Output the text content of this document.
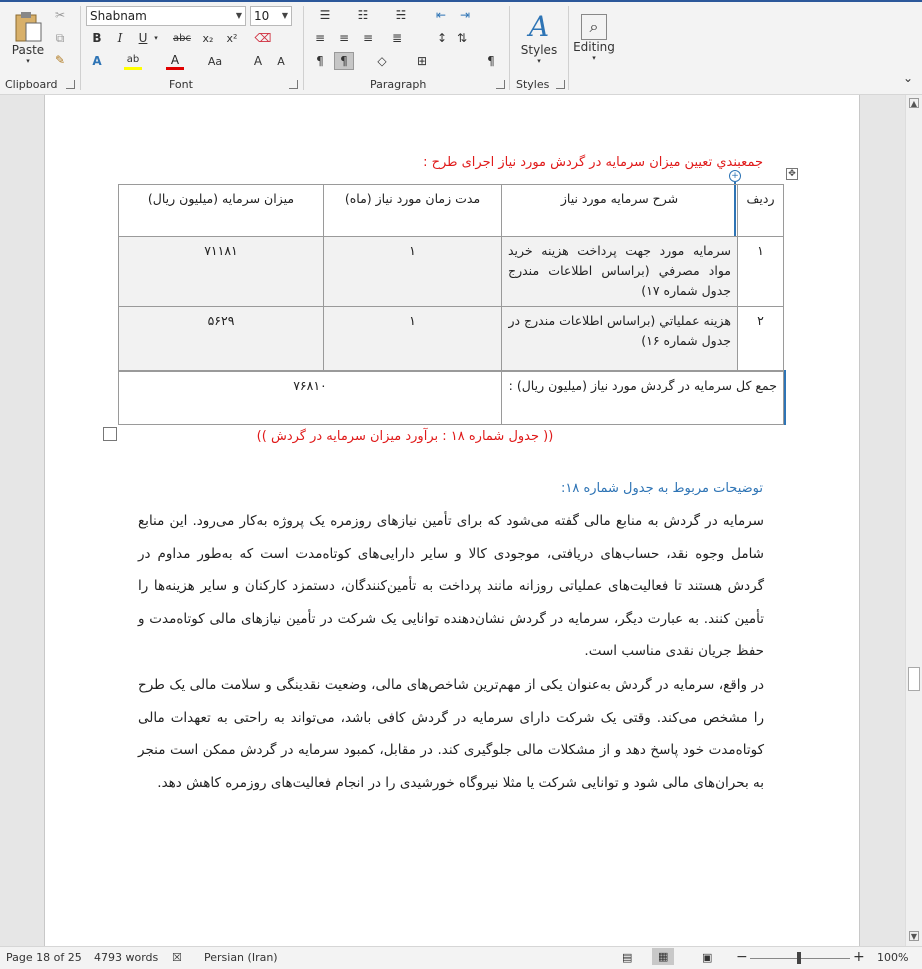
Paste
▾
✂
⧉
✎
Clipboard
Shabnam	▼	10 ▼
B	I	U ▾	abc	x₂	x²	⌫
A	ab	A	Aa	A	A
Font
☰	☷	☵	⇤	⇥
≡	≡	≡	≣	↕ ⇅
¶	¶	◇	⊞	¶
Paragraph
A
Styles
▾
Styles
⌕
Editing
▾
⌄
جمعبندي تعيين ميزان سرمايه در گردش مورد نياز اجرای طرح :
✥
+
ردیف	شرح سرمايه مورد نياز	مدت زمان مورد نياز (ماه)	ميزان سرمايه (ميليون ريال)
۱	سرمايه مورد جهت پرداخت هزينه خريد مواد مصرفي (براساس اطلاعات مندرج جدول شماره ۱۷)	۱	۷۱۱۸۱
۲	هزينه عملياتي (براساس اطلاعات مندرج در جدول شماره ۱۶)	۱	۵۶۲۹
جمع کل سرمايه در گردش مورد نياز (ميليون ريال) :		۷۶۸۱۰	
(( جدول شماره ۱۸ : برآورد ميزان سرمايه در گردش ))
توضیحات مربوط به جدول شماره ۱۸:
سرمایه در گردش به منابع مالی گفته می‌شود که برای تأمین نیازهای روزمره یک پروژه به‌کار می‌رود. این منابع شامل وجوه نقد، حساب‌های دریافتی، موجودی کالا و سایر دارایی‌های کوتاه‌مدت است که به‌طور مداوم در گردش هستند تا فعالیت‌های عملیاتی روزانه مانند پرداخت به تأمین‌کنندگان، دستمزد کارکنان و سایر هزینه‌ها را تأمین کنند. به عبارت دیگر، سرمایه در گردش نشان‌دهنده توانایی یک شرکت در تأمین نیازهای مالی کوتاه‌مدت و حفظ جریان نقدی مناسب است.
در واقع، سرمایه در گردش به‌عنوان یکی از مهم‌ترین شاخص‌های مالی، وضعیت نقدینگی و سلامت مالی یک طرح را مشخص می‌کند. وقتی یک شرکت دارای سرمایه در گردش کافی باشد، می‌تواند به راحتی به تعهدات مالی کوتاه‌مدت خود پاسخ دهد و از مشکلات مالی جلوگیری کند. در مقابل، کمبود سرمایه در گردش ممکن است منجر به بحران‌های مالی شود و توانایی شرکت یا مثلا نیروگاه خورشیدی را در انجام فعالیت‌های روزمره کاهش دهد.
▲
▼
Page 18 of 25 4793 words ☒ Persian (Iran)	▤	▦	▣ −	+ 100%
